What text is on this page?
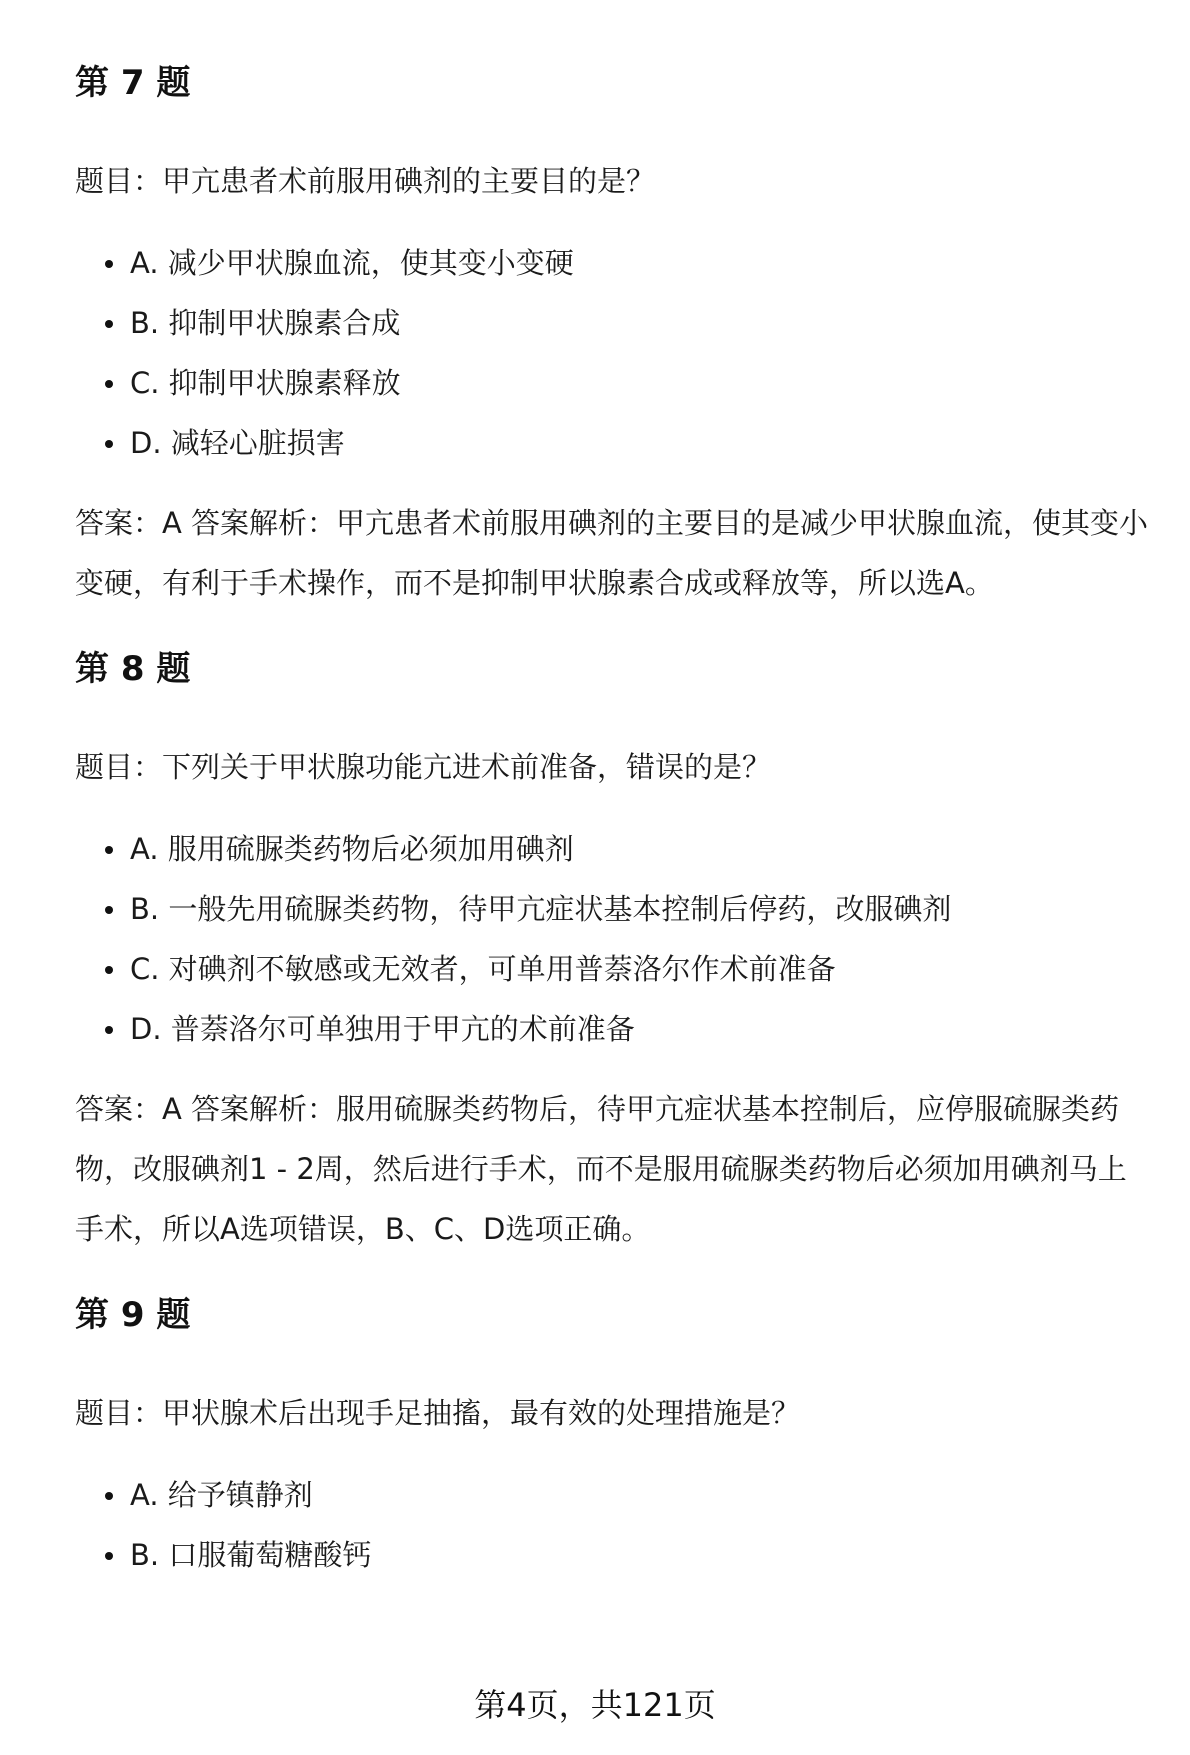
第 7 题

题目：甲亢患者术前服用碘剂的主要目的是？

A. 减少甲状腺血流，使其变小变硬
B. 抑制甲状腺素合成
C. 抑制甲状腺素释放
D. 减轻心脏损害

答案：A 答案解析：甲亢患者术前服用碘剂的主要目的是减少甲状腺血流，使其变小变硬，有利于手术操作，而不是抑制甲状腺素合成或释放等，所以选A。

第 8 题

题目：下列关于甲状腺功能亢进术前准备，错误的是？

A. 服用硫脲类药物后必须加用碘剂
B. 一般先用硫脲类药物，待甲亢症状基本控制后停药，改服碘剂
C. 对碘剂不敏感或无效者，可单用普萘洛尔作术前准备
D. 普萘洛尔可单独用于甲亢的术前准备

答案：A 答案解析：服用硫脲类药物后，待甲亢症状基本控制后，应停服硫脲类药物，改服碘剂1 - 2周，然后进行手术，而不是服用硫脲类药物后必须加用碘剂马上手术，所以A选项错误，B、C、D选项正确。

第 9 题

题目：甲状腺术后出现手足抽搐，最有效的处理措施是？

A. 给予镇静剂
B. 口服葡萄糖酸钙
第4页，共121页
